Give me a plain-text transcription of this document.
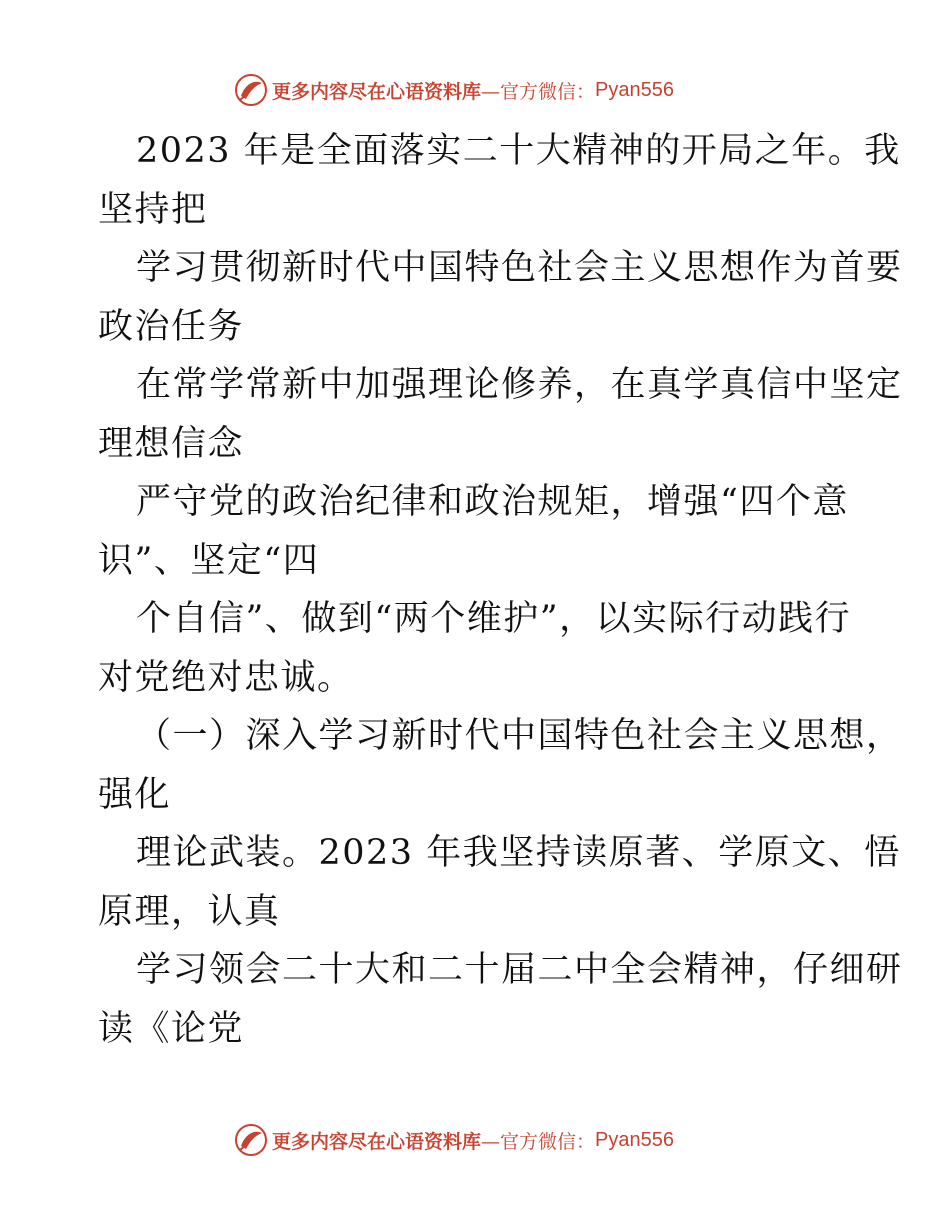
更多内容尽在心语资料库 —官方微信： Pyan556
2023 年是全面落实二十大精神的开局之年。我
坚持把
学习贯彻新时代中国特色社会主义思想作为首要
政治任务
在常学常新中加强理论修养，在真学真信中坚定
理想信念
严守党的政治纪律和政治规矩，增强“四个意
识”、坚定“四
个自信”、做到“两个维护”，以实际行动践行
对党绝对忠诚。
（一）深入学习新时代中国特色社会主义思想，
强化
理论武装。2023 年我坚持读原著、学原文、悟
原理，认真
学习领会二十大和二十届二中全会精神，仔细研
读《论党
更多内容尽在心语资料库 —官方微信： Pyan556
